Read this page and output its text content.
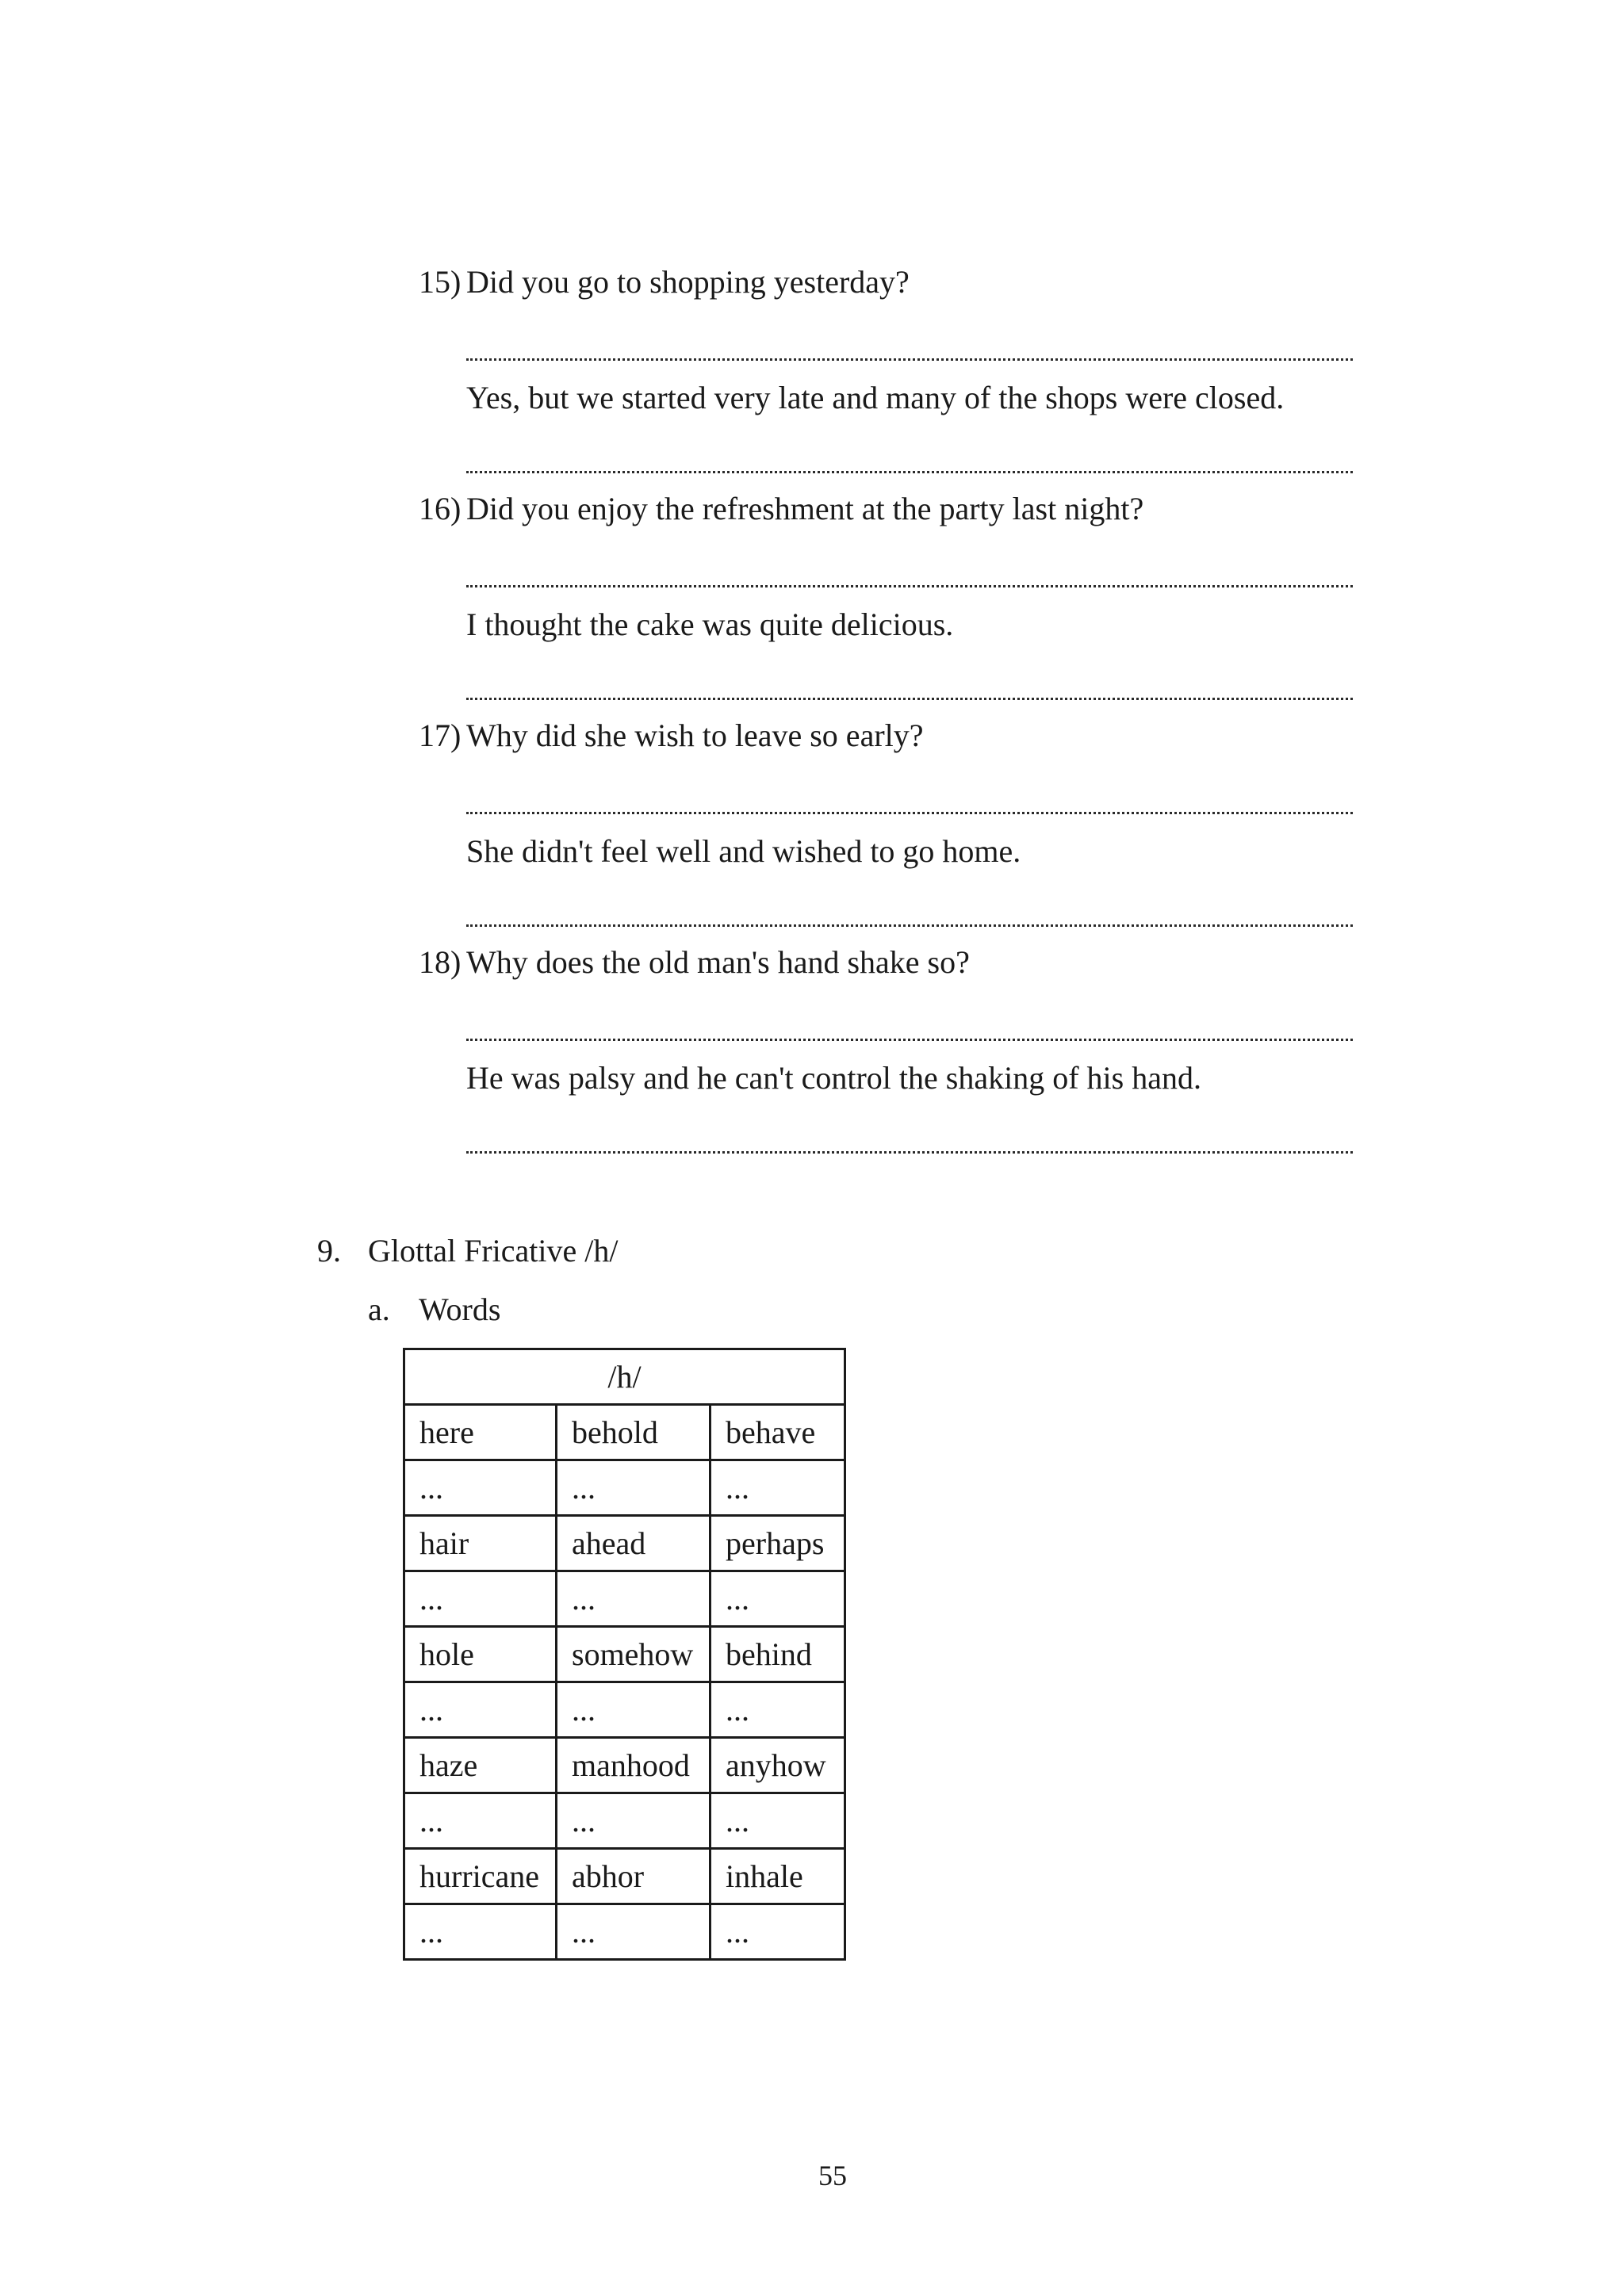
15) Did you go to shopping yesterday?
Yes, but we started very late and many of the shops were closed.
16) Did you enjoy the refreshment at the party last night?
I thought the cake was quite delicious.
17) Why did she wish to leave so early?
She didn't feel well and wished to go home.
18) Why does the old man's hand shake so?
He was palsy and he can't control the shaking of his hand.
9. Glottal Fricative /h/
a. Words
/h/		
here	behold	behave
...	...	...
hair	ahead	perhaps
...	...	...
hole	somehow	behind
...	...	...
haze	manhood	anyhow
...	...	...
hurricane	abhor	inhale
...	...	...
55
